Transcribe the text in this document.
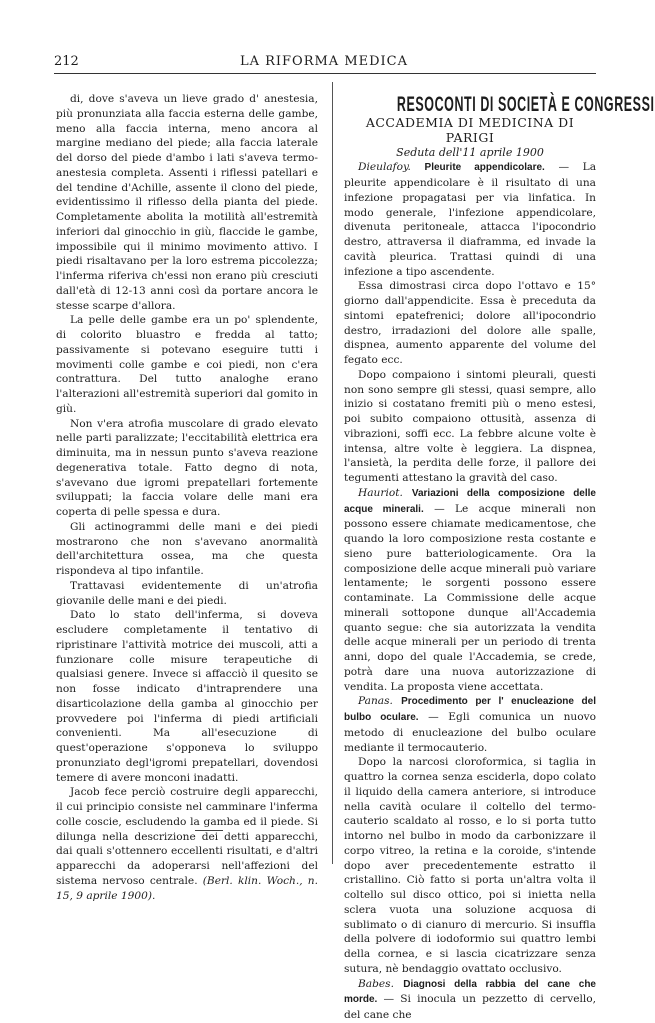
212	LA RIFORMA MEDICA

di, dove s'aveva un lieve grado d' anestesia, più pronunziata alla faccia esterna delle gambe, meno alla faccia interna, meno ancora al margine mediano del piede; alla faccia laterale del dorso del piede d'ambo i lati s'aveva termo-anestesia completa. Assenti i riflessi patellari e del tendine d'Achille, assente il clono del piede, evidentissimo il riflesso della pianta del piede. Completamente abolita la motilità all'estremità inferiori dal ginocchio in giù, flaccide le gambe, impossibile qui il minimo movimento attivo. I piedi risaltavano per la loro estrema piccolezza; l'inferma riferiva ch'essi non erano più cresciuti dall'età di 12-13 anni così da portare ancora le stesse scarpe d'allora.

La pelle delle gambe era un po' splendente, di colorito bluastro e fredda al tatto; passivamente si potevano eseguire tutti i movimenti colle gambe e coi piedi, non c'era contrattura. Del tutto analoghe erano l'alterazioni all'estremità superiori dal gomito in giù.

Non v'era atrofia muscolare di grado elevato nelle parti paralizzate; l'eccitabilità elettrica era diminuita, ma in nessun punto s'aveva reazione degenerativa totale. Fatto degno di nota, s'avevano due igromi prepatellari fortemente sviluppati; la faccia volare delle mani era coperta di pelle spessa e dura.

Gli actinogrammi delle mani e dei piedi mostrarono che non s'avevano anormalità dell'architettura ossea, ma che questa rispondeva al tipo infantile.

Trattavasi evidentemente di un'atrofia giovanile delle mani e dei piedi.

Dato lo stato dell'inferma, si doveva escludere completamente il tentativo di ripristinare l'attività motrice dei muscoli, atti a funzionare colle misure terapeutiche di qualsiasi genere. Invece si affacciò il quesito se non fosse indicato d'intraprendere una disarticolazione della gamba al ginocchio per provvedere poi l'inferma di piedi artificiali convenienti. Ma all'esecuzione di quest'operazione s'opponeva lo sviluppo pronunziato degl'igromi prepatellari, dovendosi temere di avere monconi inadatti.

Jacob fece perciò costruire degli apparecchi, il cui principio consiste nel camminare l'inferma colle coscie, escludendo la gamba ed il piede. Si dilunga nella descrizione dei detti apparecchi, dai quali s'ottennero eccellenti risultati, e d'altri apparecchi da adoperarsi nell'affezioni del sistema nervoso centrale. (Berl. klin. Woch., n. 15, 9 aprile 1900).

RESOCONTI DI SOCIETÀ E CONGRESSI

ACCADEMIA DI MEDICINA DI PARIGI

Seduta dell'11 aprile 1900

Dieulafoy. Pleurite appendicolare. — La pleurite appendicolare è il risultato di una infezione propagatasi per via linfatica. In modo generale, l'infezione appendicolare, divenuta peritoneale, attacca l'ipocondrio destro, attraversa il diaframma, ed invade la cavità pleurica. Trattasi quindi di una infezione a tipo ascendente.

Essa dimostrasi circa dopo l'ottavo e 15° giorno dall'appendicite. Essa è preceduta da sintomi epatefrenici; dolore all'ipocondrio destro, irradazioni del dolore alle spalle, dispnea, aumento apparente del volume del fegato ecc.

Dopo compaiono i sintomi pleurali, questi non sono sempre gli stessi, quasi sempre, allo inizio si costatano fremiti più o meno estesi, poi subito compaiono ottusità, assenza di vibrazioni, soffi ecc. La febbre alcune volte è intensa, altre volte è leggiera. La dispnea, l'ansietà, la perdita delle forze, il pallore dei tegumenti attestano la gravità del caso.

Hauriot. Variazioni della composizione delle acque minerali. — Le acque minerali non possono essere chiamate medicamentose, che quando la loro composizione resta costante e sieno pure batteriologicamente. Ora la composizione delle acque minerali può variare lentamente; le sorgenti possono essere contaminate. La Commissione delle acque minerali sottopone dunque all'Accademia quanto segue: che sia autorizzata la vendita delle acque minerali per un periodo di trenta anni, dopo del quale l'Accademia, se crede, potrà dare una nuova autorizzazione di vendita. La proposta viene accettata.

Panas. Procedimento per l' enucleazione del bulbo oculare. — Egli comunica un nuovo metodo di enucleazione del bulbo oculare mediante il termocauterio.

Dopo la narcosi cloroformica, si taglia in quattro la cornea senza esciderla, dopo colato il liquido della camera anteriore, si introduce nella cavità oculare il coltello del termo-cauterio scaldato al rosso, e lo si porta tutto intorno nel bulbo in modo da carbonizzare il corpo vitreo, la retina e la coroide, s'intende dopo aver precedentemente estratto il cristallino. Ciò fatto si porta un'altra volta il coltello sul disco ottico, poi si inietta nella sclera vuota una soluzione acquosa di sublimato o di cianuro di mercurio. Si insuffla della polvere di iodoformio sui quattro lembi della cornea, e si lascia cicatrizzare senza sutura, nè bendaggio ovattato occlusivo.

Babes. Diagnosi della rabbia del cane che morde. — Si inocula un pezzetto di cervello, del cane che
